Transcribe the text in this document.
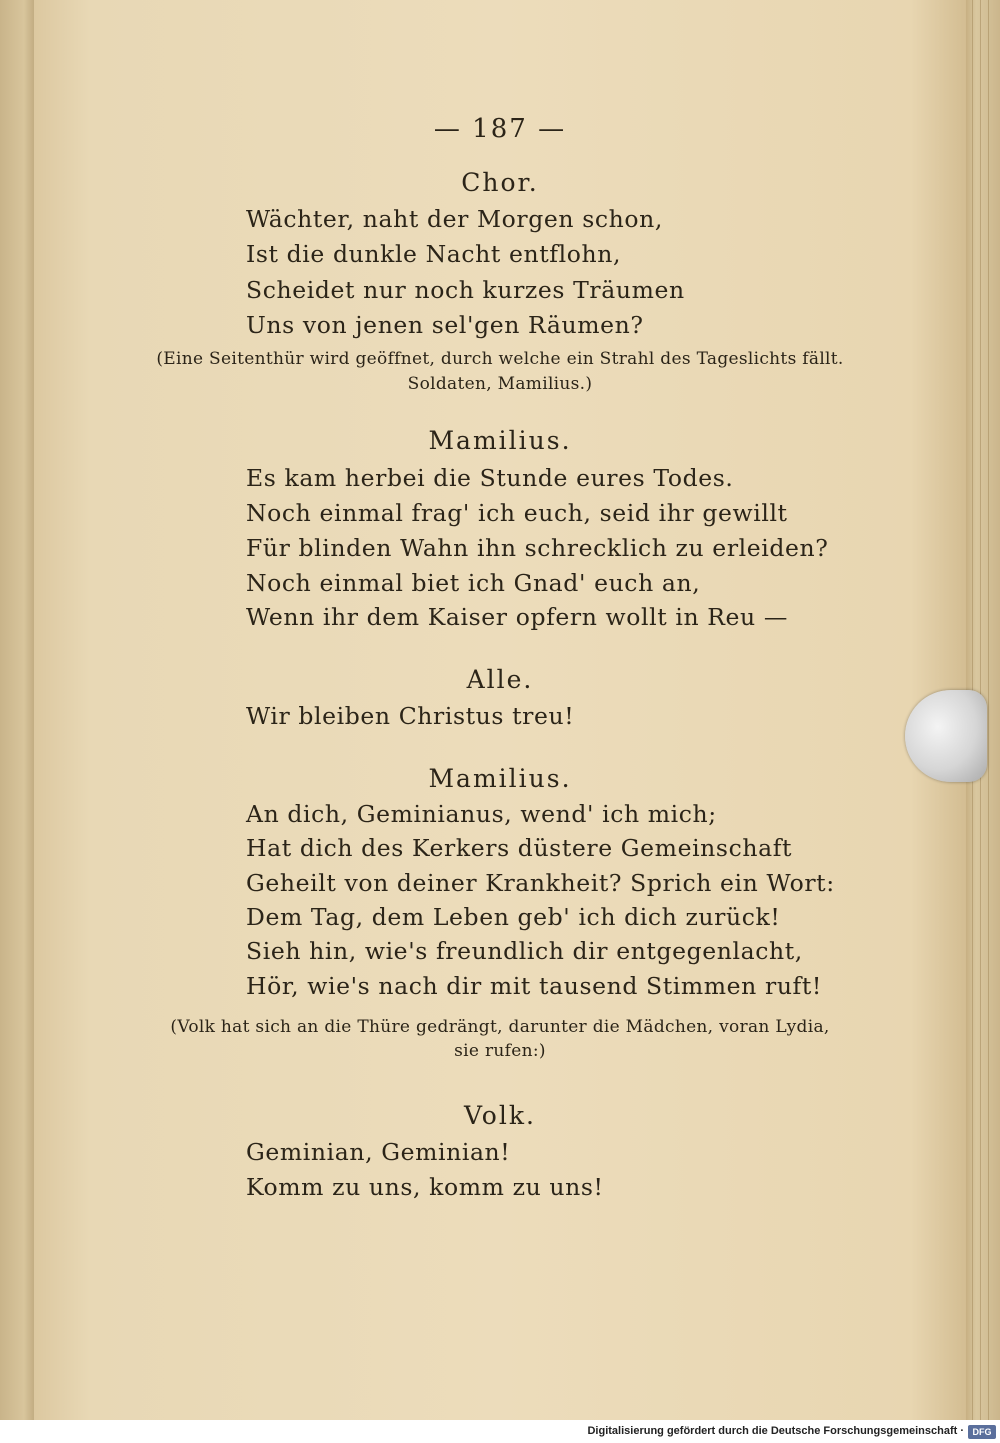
— 187 —
Chor.
Wächter, naht der Morgen schon,
Ist die dunkle Nacht entflohn,
Scheidet nur noch kurzes Träumen
Uns von jenen sel'gen Räumen?
(Eine Seitenthür wird geöffnet, durch welche ein Strahl des Tageslichts fällt.
Soldaten, Mamilius.)
Mamilius.
Es kam herbei die Stunde eures Todes.
Noch einmal frag' ich euch, seid ihr gewillt
Für blinden Wahn ihn schrecklich zu erleiden?
Noch einmal biet ich Gnad' euch an,
Wenn ihr dem Kaiser opfern wollt in Reu —
Alle.
Wir bleiben Christus treu!
Mamilius.
An dich, Geminianus, wend' ich mich;
Hat dich des Kerkers düstere Gemeinschaft
Geheilt von deiner Krankheit? Sprich ein Wort:
Dem Tag, dem Leben geb' ich dich zurück!
Sieh hin, wie's freundlich dir entgegenlacht,
Hör, wie's nach dir mit tausend Stimmen ruft!
(Volk hat sich an die Thüre gedrängt, darunter die Mädchen, voran Lydia,
sie rufen:)
Volk.
Geminian, Geminian!
Komm zu uns, komm zu uns!
Digitalisierung gefördert durch die Deutsche Forschungsgemeinschaft · DFG
